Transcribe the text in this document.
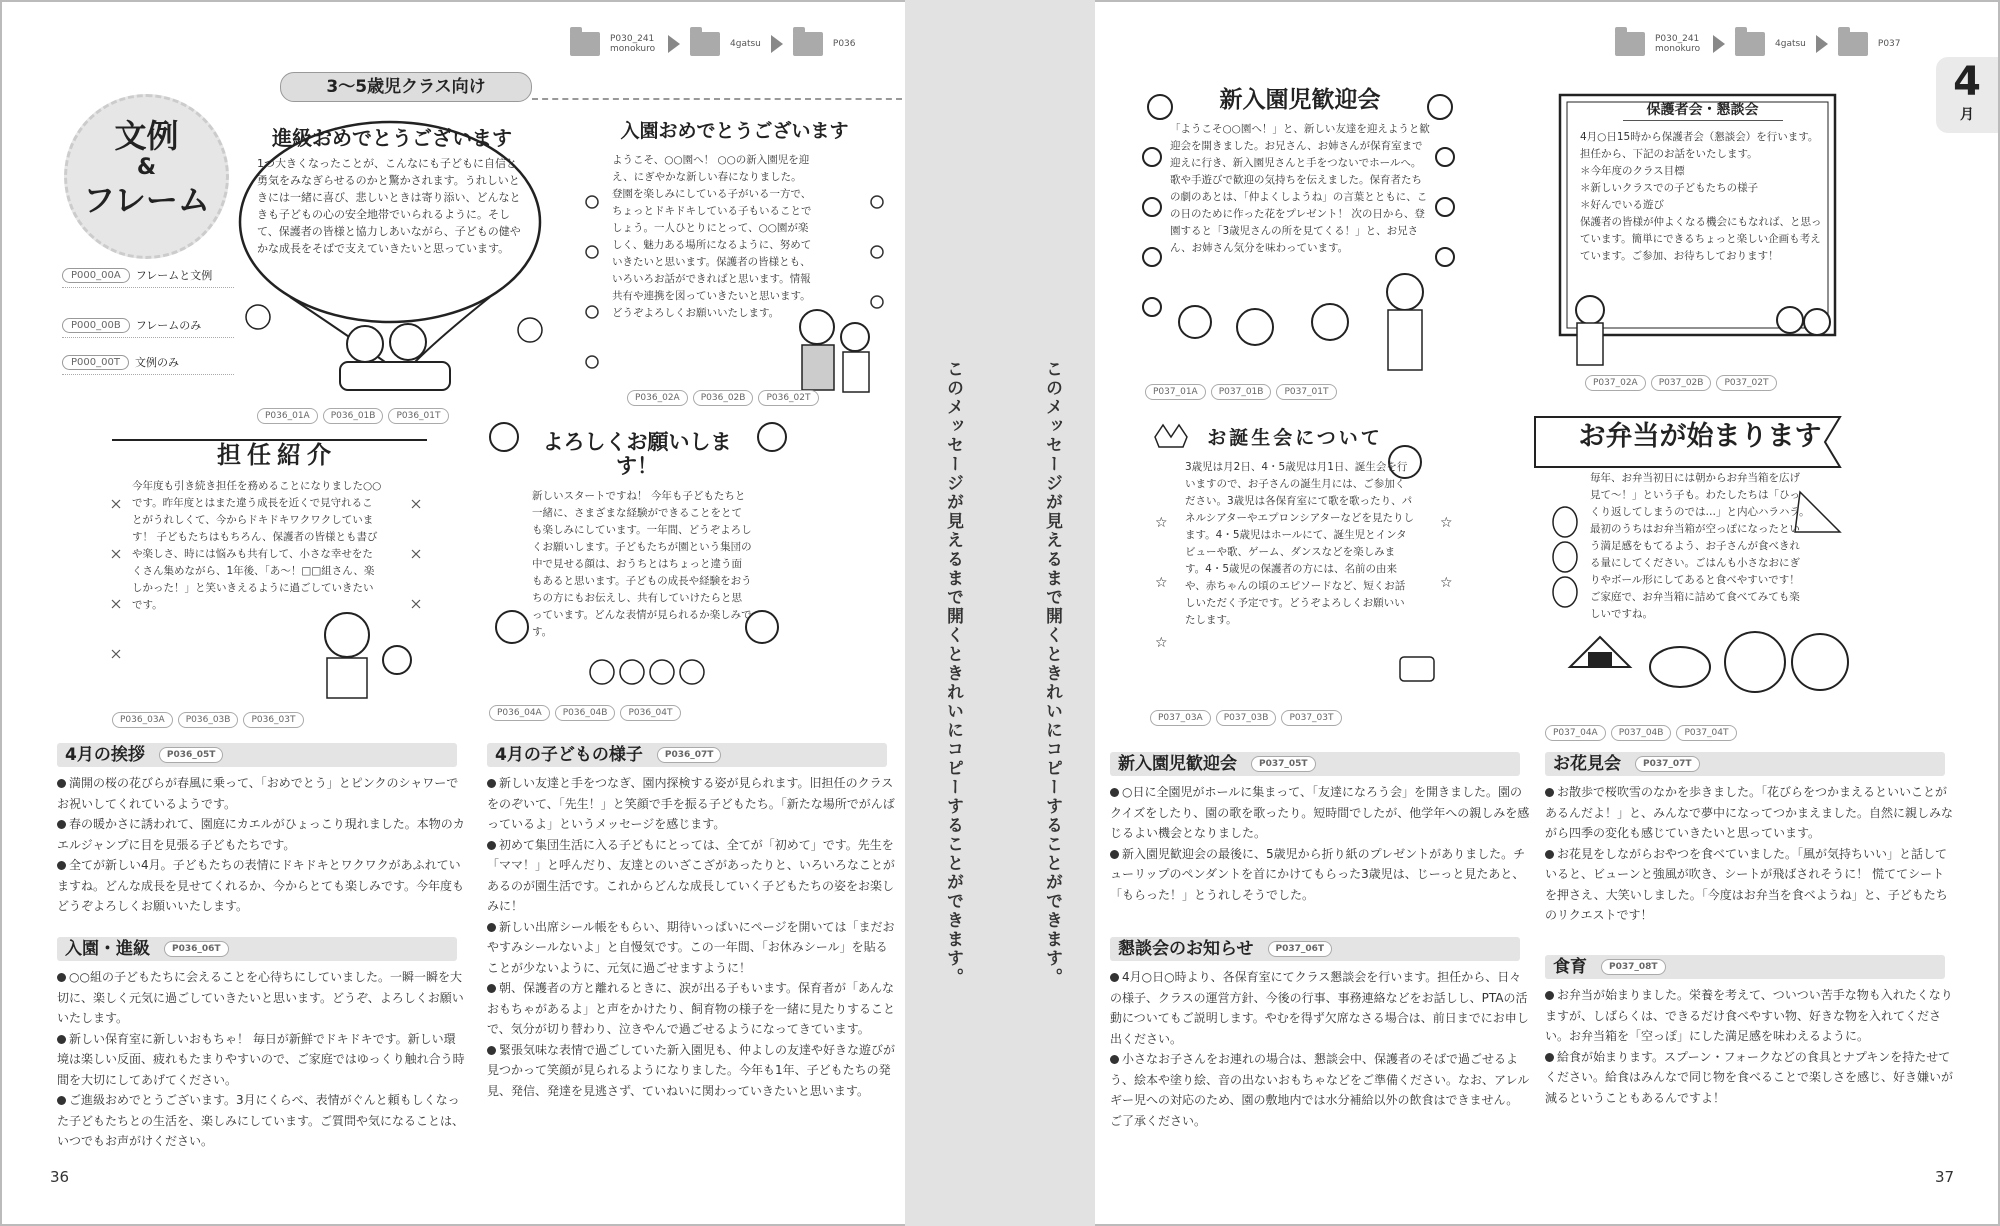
P030_241 monokuro	4gatsu	P036
3～5歳児クラス向け
文例
&
フレーム
P000_00A	フレームと文例
P000_00B	フレームのみ
P000_00T	文例のみ
進級おめでとうございます
1つ大きくなったことが、こんなにも子どもに自信と勇気をみなぎらせるのかと驚かされます。うれしいときには一緒に喜び、悲しいときは寄り添い、どんなときも子どもの心の安全地帯でいられるように。そして、保護者の皆様と協力しあいながら、子どもの健やかな成長をそばで支えていきたいと思っています。
P036_01A	P036_01B	P036_01T
入園おめでとうございます
ようこそ、○○園へ！ ○○の新入園児を迎え、にぎやかな新しい春になりました。登園を楽しみにしている子がいる一方で、ちょっとドキドキしている子もいることでしょう。一人ひとりにとって、○○園が楽しく、魅力ある場所になるように、努めていきたいと思います。保護者の皆様とも、いろいろお話ができればと思います。情報共有や連携を図っていきたいと思います。どうぞよろしくお願いいたします。
P036_02A	P036_02B	P036_02T
担任紹介
今年度も引き続き担任を務めることになりました○○です。昨年度とはまた違う成長を近くで見守れることがうれしくて、今からドキドキワクワクしています！ 子どもたちはもちろん、保護者の皆様とも書びや楽しさ、時には悩みも共有して、小さな幸せをたくさん集めながら、1年後、「あ～！□□組さん、楽しかった！」と笑いきえるように過ごしていきたいです。
P036_03A	P036_03B	P036_03T
よろしくお願いします！
新しいスタートですね！ 今年も子どもたちと一緒に、さまざまな経験ができることをとても楽しみにしています。一年間、どうぞよろしくお願いします。子どもたちが園という集団の中で見せる顔は、おうちとはちょっと違う面もあると思います。子どもの成長や経験をおうちの方にもお伝えし、共有していけたらと思っています。どんな表情が見られるか楽しみです。
P036_04A	P036_04B	P036_04T
4月の挨拶 P036_05T

満開の桜の花びらが春風に乗って、「おめでとう」とピンクのシャワーでお祝いしてくれているようです。

春の暖かさに誘われて、園庭にカエルがひょっこり現れました。本物のカエルジャンプに目を見張る子どもたちです。

全てが新しい4月。子どもたちの表情にドキドキとワクワクがあふれていますね。どんな成長を見せてくれるか、今からとても楽しみです。今年度もどうぞよろしくお願いいたします。

入園・進級 P036_06T

○○組の子どもたちに会えることを心待ちにしていました。一瞬一瞬を大切に、楽しく元気に過ごしていきたいと思います。どうぞ、よろしくお願いいたします。

新しい保育室に新しいおもちゃ！ 毎日が新鮮でドキドキです。新しい環境は楽しい反面、疲れもたまりやすいので、ご家庭ではゆっくり触れ合う時間を大切にしてあげてください。

ご進級おめでとうございます。3月にくらべ、表情がぐんと頼もしくなった子どもたちとの生活を、楽しみにしています。ご質問や気になることは、いつでもお声がけください。

4月の子どもの様子 P036_07T

新しい友達と手をつなぎ、園内探検する姿が見られます。旧担任のクラスをのぞいて、「先生！」と笑顔で手を振る子どもたち。「新たな場所でがんばっているよ」というメッセージを感じます。

初めて集団生活に入る子どもにとっては、全てが「初めて」です。先生を「ママ！」と呼んだり、友達とのいざこざがあったりと、いろいろなことがあるのが園生活です。これからどんな成長していく子どもたちの姿をお楽しみに！

新しい出席シール帳をもらい、期待いっぱいにページを開いては「まだおやすみシールないよ」と自慢気です。この一年間、「お休みシール」を貼ることが少ないように、元気に過ごせますように！

朝、保護者の方と離れるときに、涙が出る子もいます。保育者が「あんなおもちゃがあるよ」と声をかけたり、飼育物の様子を一緒に見たりすることで、気分が切り替わり、泣きやんで過ごせるようになってきています。

緊張気味な表情で過ごしていた新入園児も、仲よしの友達や好きな遊びが見つかって笑顔が見られるようになりました。今年も1年、子どもたちの発見、発信、発達を見逃さず、ていねいに関わっていきたいと思います。

36
このメッセージが見えるまで開くときれいにコピーすることができます。	このメッセージが見えるまで開くときれいにコピーすることができます。
P030_241 monokuro	4gatsu	P037
4
月
新入園児歓迎会
「ようこそ○○園へ！」と、新しい友達を迎えようと歓迎会を開きました。お兄さん、お姉さんが保育室まで迎えに行き、新入園児さんと手をつないでホールへ。歌や手遊びで歓迎の気持ちを伝えました。保育者たちの劇のあとは、「仲よくしようね」の言葉とともに、この日のために作った花をプレゼント！ 次の日から、登園すると「3歳児さんの所を見てくる！」と、お兄さん、お姉さん気分を味わっています。
P037_01A	P037_01B	P037_01T
保護者会・懇談会
4月○日15時から保護者会（懇談会）を行います。担任から、下記のお話をいたします。
＊今年度のクラス目標
＊新しいクラスでの子どもたちの様子
＊好んでいる遊び
保護者の皆様が仲よくなる機会にもなれば、と思っています。簡単にできるちょっと楽しい企画も考えています。ご参加、お待ちしております！
P037_02A	P037_02B	P037_02T
☆
☆
☆
☆
☆
お誕生会について
3歳児は月2日、4・5歳児は月1日、誕生会を行いますので、お子さんの誕生月には、ご参加ください。3歳児は各保育室にて歌を歌ったり、パネルシアターやエプロンシアターなどを見たりします。4・5歳児はホールにて、誕生児とインタビューや歌、ゲーム、ダンスなどを楽しみます。4・5歳児の保護者の方には、名前の由来や、赤ちゃんの頃のエピソードなど、短くお話しいただく予定です。どうぞよろしくお願いいたします。
P037_03A	P037_03B	P037_03T
お弁当が始まります
毎年、お弁当初日には朝からお弁当箱を広げ見て～！」という子も。わたしたちは「ひっくり返してしまうのでは…」と内心ハラハラ。最初のうちはお弁当箱が空っぽになったという満足感をもてるよう、お子さんが食べきれる量にしてください。ごはんも小さなおにぎりやボール形にしてあると食べやすいです！ ご家庭で、お弁当箱に詰めて食べてみても楽しいですね。
P037_04A	P037_04B	P037_04T
新入園児歓迎会 P037_05T

○日に全園児がホールに集まって、「友達になろう会」を開きました。園のクイズをしたり、園の歌を歌ったり。短時間でしたが、他学年への親しみを感じるよい機会となりました。

新入園児歓迎会の最後に、5歳児から折り紙のプレゼントがありました。チューリップのペンダントを首にかけてもらった3歳児は、じーっと見たあと、「もらった！」とうれしそうでした。

懇談会のお知らせ P037_06T

4月○日○時より、各保育室にてクラス懇談会を行います。担任から、日々の様子、クラスの運営方針、今後の行事、事務連絡などをお話しし、PTAの活動についてもご説明します。やむを得ず欠席なさる場合は、前日までにお申し出ください。

小さなお子さんをお連れの場合は、懇談会中、保護者のそばで過ごせるよう、絵本や塗り絵、音の出ないおもちゃなどをご準備ください。なお、アレルギー児への対応のため、園の敷地内では水分補給以外の飲食はできません。ご了承ください。

お花見会 P037_07T

お散歩で桜吹雪のなかを歩きました。「花びらをつかまえるといいことがあるんだよ！」と、みんなで夢中になってつかまえました。自然に親しみながら四季の変化も感じていきたいと思っています。

お花見をしながらおやつを食べていました。「風が気持ちいい」と話していると、ビューンと強風が吹き、シートが飛ばされそうに！ 慌ててシートを押さえ、大笑いしました。「今度はお弁当を食べようね」と、子どもたちのリクエストです！

食育 P037_08T

お弁当が始まりました。栄養を考えて、ついつい苦手な物も入れたくなりますが、しばらくは、できるだけ食べやすい物、好きな物を入れてください。お弁当箱を「空っぽ」にした満足感を味わえるように。

給食が始まります。スプーン・フォークなどの食具とナプキンを持たせてください。給食はみんなで同じ物を食べることで楽しさを感じ、好き嫌いが減るということもあるんですよ！

37
